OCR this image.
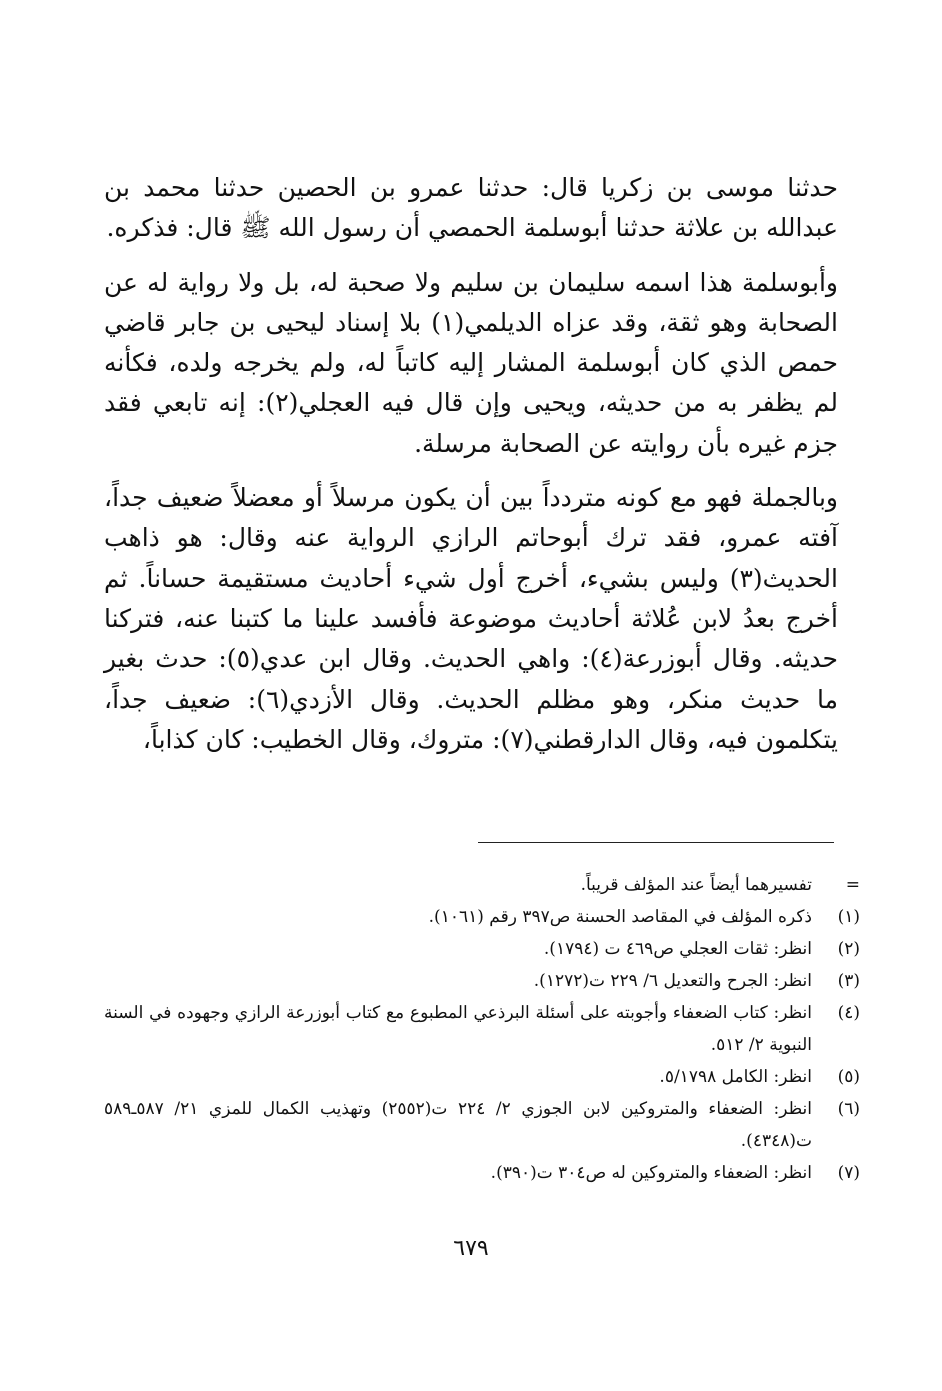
حدثنا موسى بن زكريا قال: حدثنا عمرو بن الحصين حدثنا محمد بن عبدالله بن علاثة حدثنا أبوسلمة الحمصي أن رسول الله ﷺ قال: فذكره.

وأبوسلمة هذا اسمه سليمان بن سليم ولا صحبة له، بل ولا رواية له عن الصحابة وهو ثقة، وقد عزاه الديلمي(١) بلا إسناد ليحيى بن جابر قاضي حمص الذي كان أبوسلمة المشار إليه كاتباً له، ولم يخرجه ولده، فكأنه لم يظفر به من حديثه، ويحيى وإن قال فيه العجلي(٢): إنه تابعي فقد جزم غيره بأن روايته عن الصحابة مرسلة.

وبالجملة فهو مع كونه متردداً بين أن يكون مرسلاً أو معضلاً ضعيف جداً، آفته عمرو، فقد ترك أبوحاتم الرازي الرواية عنه وقال: هو ذاهب الحديث(٣) وليس بشيء، أخرج أول شيء أحاديث مستقيمة حساناً. ثم أخرج بعدُ لابن عُلاثة أحاديث موضوعة فأفسد علينا ما كتبنا عنه، فتركنا حديثه. وقال أبوزرعة(٤): واهي الحديث. وقال ابن عدي(٥): حدث بغير ما حديث منكر، وهو مظلم الحديث. وقال الأزدي(٦): ضعيف جداً، يتكلمون فيه، وقال الدارقطني(٧): متروك، وقال الخطيب: كان كذاباً،

=
تفسيرهما أيضاً عند المؤلف قريباً.
(١)
ذكره المؤلف في المقاصد الحسنة ص٣٩٧ رقم (١٠٦١).
(٢)
انظر: ثقات العجلي ص٤٦٩ ت (١٧٩٤).
(٣)
انظر: الجرح والتعديل ٦/ ٢٢٩ ت(١٢٧٢).
(٤)
انظر: كتاب الضعفاء وأجوبته على أسئلة البرذعي المطبوع مع كتاب أبوزرعة الرازي وجهوده في السنة النبوية ٢/ ٥١٢.
(٥)
انظر: الكامل ٥/١٧٩٨.
(٦)
انظر: الضعفاء والمتروكين لابن الجوزي ٢/ ٢٢٤ ت(٢٥٥٢) وتهذيب الكمال للمزي ٢١/ ٥٨٧ـ٥٨٩ ت(٤٣٤٨).
(٧)
انظر: الضعفاء والمتروكين له ص٣٠٤ ت(٣٩٠).
٦٧٩
